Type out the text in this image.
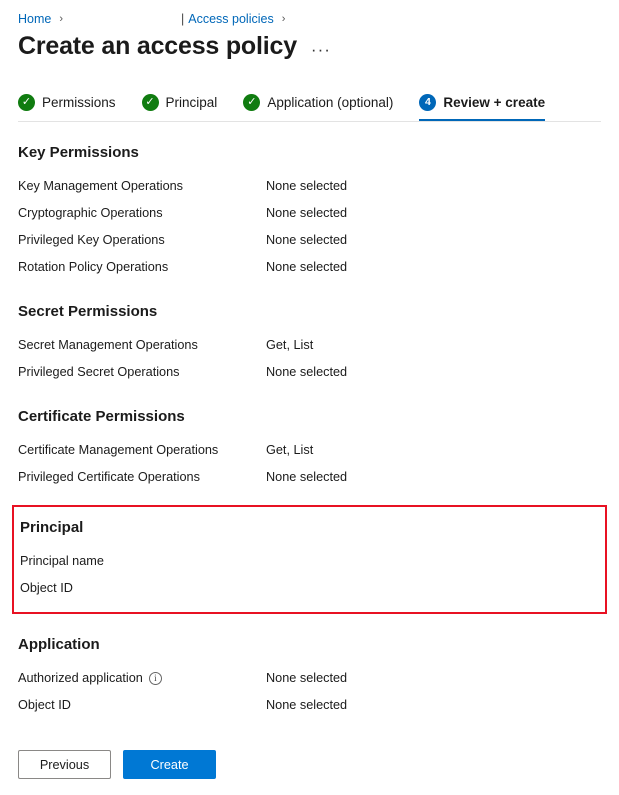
Home ›	| Access policies ›
Create an access policy ···
✓ Permissions	✓ Principal	✓ Application (optional)	4 Review + create
Key Permissions
Key Management Operations	None selected
Cryptographic Operations	None selected
Privileged Key Operations	None selected
Rotation Policy Operations	None selected
Secret Permissions
Secret Management Operations	Get, List
Privileged Secret Operations	None selected
Certificate Permissions
Certificate Management Operations	Get, List
Privileged Certificate Operations	None selected
Principal
Principal name
Object ID
Application
Authorized application	i	None selected
Object ID	None selected
Previous	Create
